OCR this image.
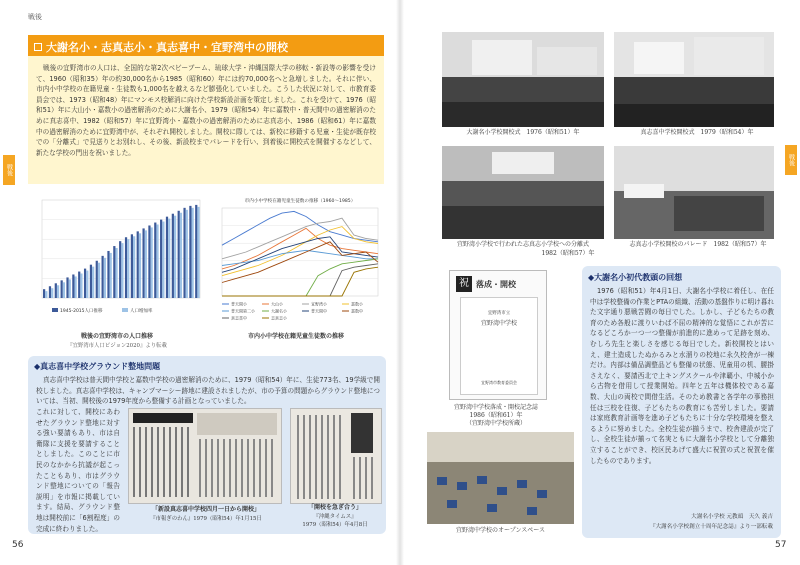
戦後
戦後
大謝名小・志真志小・真志喜中・宜野湾中の開校
戦後の宜野湾市の人口は、全国的な第2次ベビーブーム、琉球大学・沖縄国際大学の移転・新設等の影響を受けて、1960（昭和35）年の約30,000名から1985（昭和60）年には約70,000名へと急増しました。それに伴い、市内小中学校の在籍児童・生徒数も1,000名を越えるなど膨張化していました。こうした状況に対して、市教育委員会では、1973（昭和48）年にマンモス校解消に向けた学校新設計画を策定しました。これを受けて、1976（昭和51）年に大山小・嘉数小の過密解消のために大謝名小、1979（昭和54）年に嘉数中・普天間中の過密解消のために真志喜中、1982（昭和57）年に宜野湾小・嘉数小の過密解消のために志真志小、1986（昭和61）年に嘉数中の過密解消のために宜野湾中が、それぞれ開校しました。開校に際しては、新校に移籍する児童・生徒が既存校での「分離式」で見送りとお別れし、その後、新設校までパレードを行い、到着後に開校式を開催するなどして、新たな学校の門出を祝いました。
1945-2015人口推移	人口増加率
戦後の宜野湾市の人口推移
『宜野湾市人口ビジョン2020』より転載
市内小中学校在籍児童生徒数の推移（1960〜1985）
普天間小	大山小	宜野湾小	嘉数小
普天間第二小	大謝名小	普天間中	嘉数中
真志喜中	志真志小
市内小中学校在籍児童生徒数の推移
◆真志喜中学校グラウンド整地問題
真志喜中学校は普天間中学校と嘉数中学校の過密解消のために、1979（昭和54）年に、生徒773名、19学級で開校しました。真志喜中学校は、キャンプマーシー跡地に建設されましたが、市の予算の問題からグラウンド整地については、当初、開校後の1979年度から整備する計画となっていました。
これに対して、開校にあわせたグラウンド整地に対する強い要請もあり、市は自衛隊に支援を要請することとしました。このことに市民のなかから抗議が起こったこともあり、市はグラウンド整地についての「報告説明」を市報に掲載しています。結局、グラウンド整地は開校前に「6割程度」の完成に終わりました。
「新設真志喜中学校四月一日から開校」
『市報ぎのわん』1979（昭和54）年1月15日
「開校を急ぎ合う」
『沖縄タイムス』
1979（昭和54）年4月8日
56
戦後
大謝名小学校開校式　1976（昭和51）年	真志喜中学校開校式　1979（昭和54）年
宜野湾小学校で行われた志真志小学校への分離式
1982（昭和57）年
志真志小学校開校のパレード　1982（昭和57）年
祝 落成・開校
宜野湾市立
宜野湾中学校
宜野湾市教育委員会
宜野湾中学校落成・開校記念誌
1986（昭和61）年
（宜野湾中学校所蔵）
宜野湾中学校のオープンスペース
◆大謝名小初代教頭の回想
1976（昭和51）年4月1日、大謝名小学校に着任し、在任中は学校整備の作業とPTAの組織、活動の基盤作りに明け暮れた文字通り悪戦苦闘の毎日でした。しかし、子どもたちの教育のため各般に渡りいわば不屈の精神的な覚悟にこれが苦になるどころか一つ一つ整備が前進的に進めって足跡を刻め、むしろ先生と楽しさを感じる毎日でした。新校開校とはいえ、建土造成したぬかるみと水溜りの校地に永久校舎が一棟だけ。内部は備品調整品ども整備の状態、児童用の机、腰掛さえなく、要請西北で上キングスクールや津覇小、中城小から古物を借用して授業開始。四年と五年は機体校である嘉数、大山の両校で間借生活。そのため教書と各学年の事務担任は三校を往復、子どもたちの教育にも苦労しました。要請は家庭教育計画等を進め子どもたちに十分な学校環境を整えるように努めました。全校生徒が揃うまで、校舎建設が完了し、全校生徒が揃って名実ともに大謝名小学校として分離独立することができ、校区民あげて盛大に祝賀の式と祝賀を催したものであります。
大謝名小学校 元教頭　天久 義吉
『大謝名小学校創立十周年記念誌』より一部転載
57
